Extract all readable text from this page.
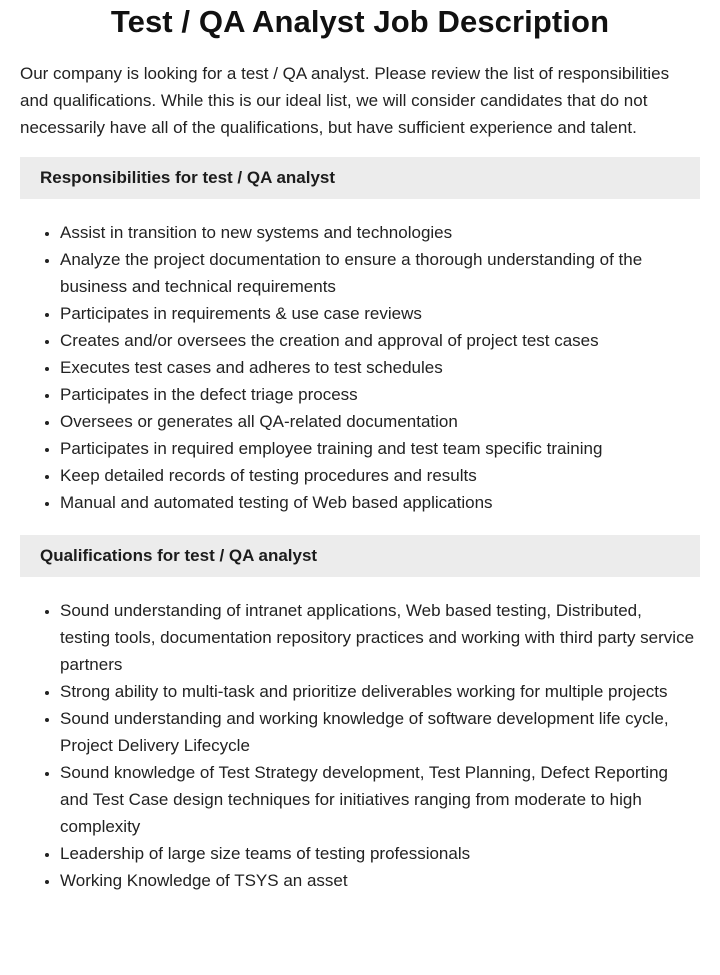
Test / QA Analyst Job Description

Our company is looking for a test / QA analyst. Please review the list of responsibilities and qualifications. While this is our ideal list, we will consider candidates that do not necessarily have all of the qualifications, but have sufficient experience and talent.

Responsibilities for test / QA analyst
• Assist in transition to new systems and technologies
• Analyze the project documentation to ensure a thorough understanding of the business and technical requirements
• Participates in requirements & use case reviews
• Creates and/or oversees the creation and approval of project test cases
• Executes test cases and adheres to test schedules
• Participates in the defect triage process
• Oversees or generates all QA-related documentation
• Participates in required employee training and test team specific training
• Keep detailed records of testing procedures and results
• Manual and automated testing of Web based applications
Qualifications for test / QA analyst
• Sound understanding of intranet applications, Web based testing, Distributed, testing tools, documentation repository practices and working with third party service partners
• Strong ability to multi-task and prioritize deliverables working for multiple projects
• Sound understanding and working knowledge of software development life cycle, Project Delivery Lifecycle
• Sound knowledge of Test Strategy development, Test Planning, Defect Reporting and Test Case design techniques for initiatives ranging from moderate to high complexity
• Leadership of large size teams of testing professionals
• Working Knowledge of TSYS an asset
